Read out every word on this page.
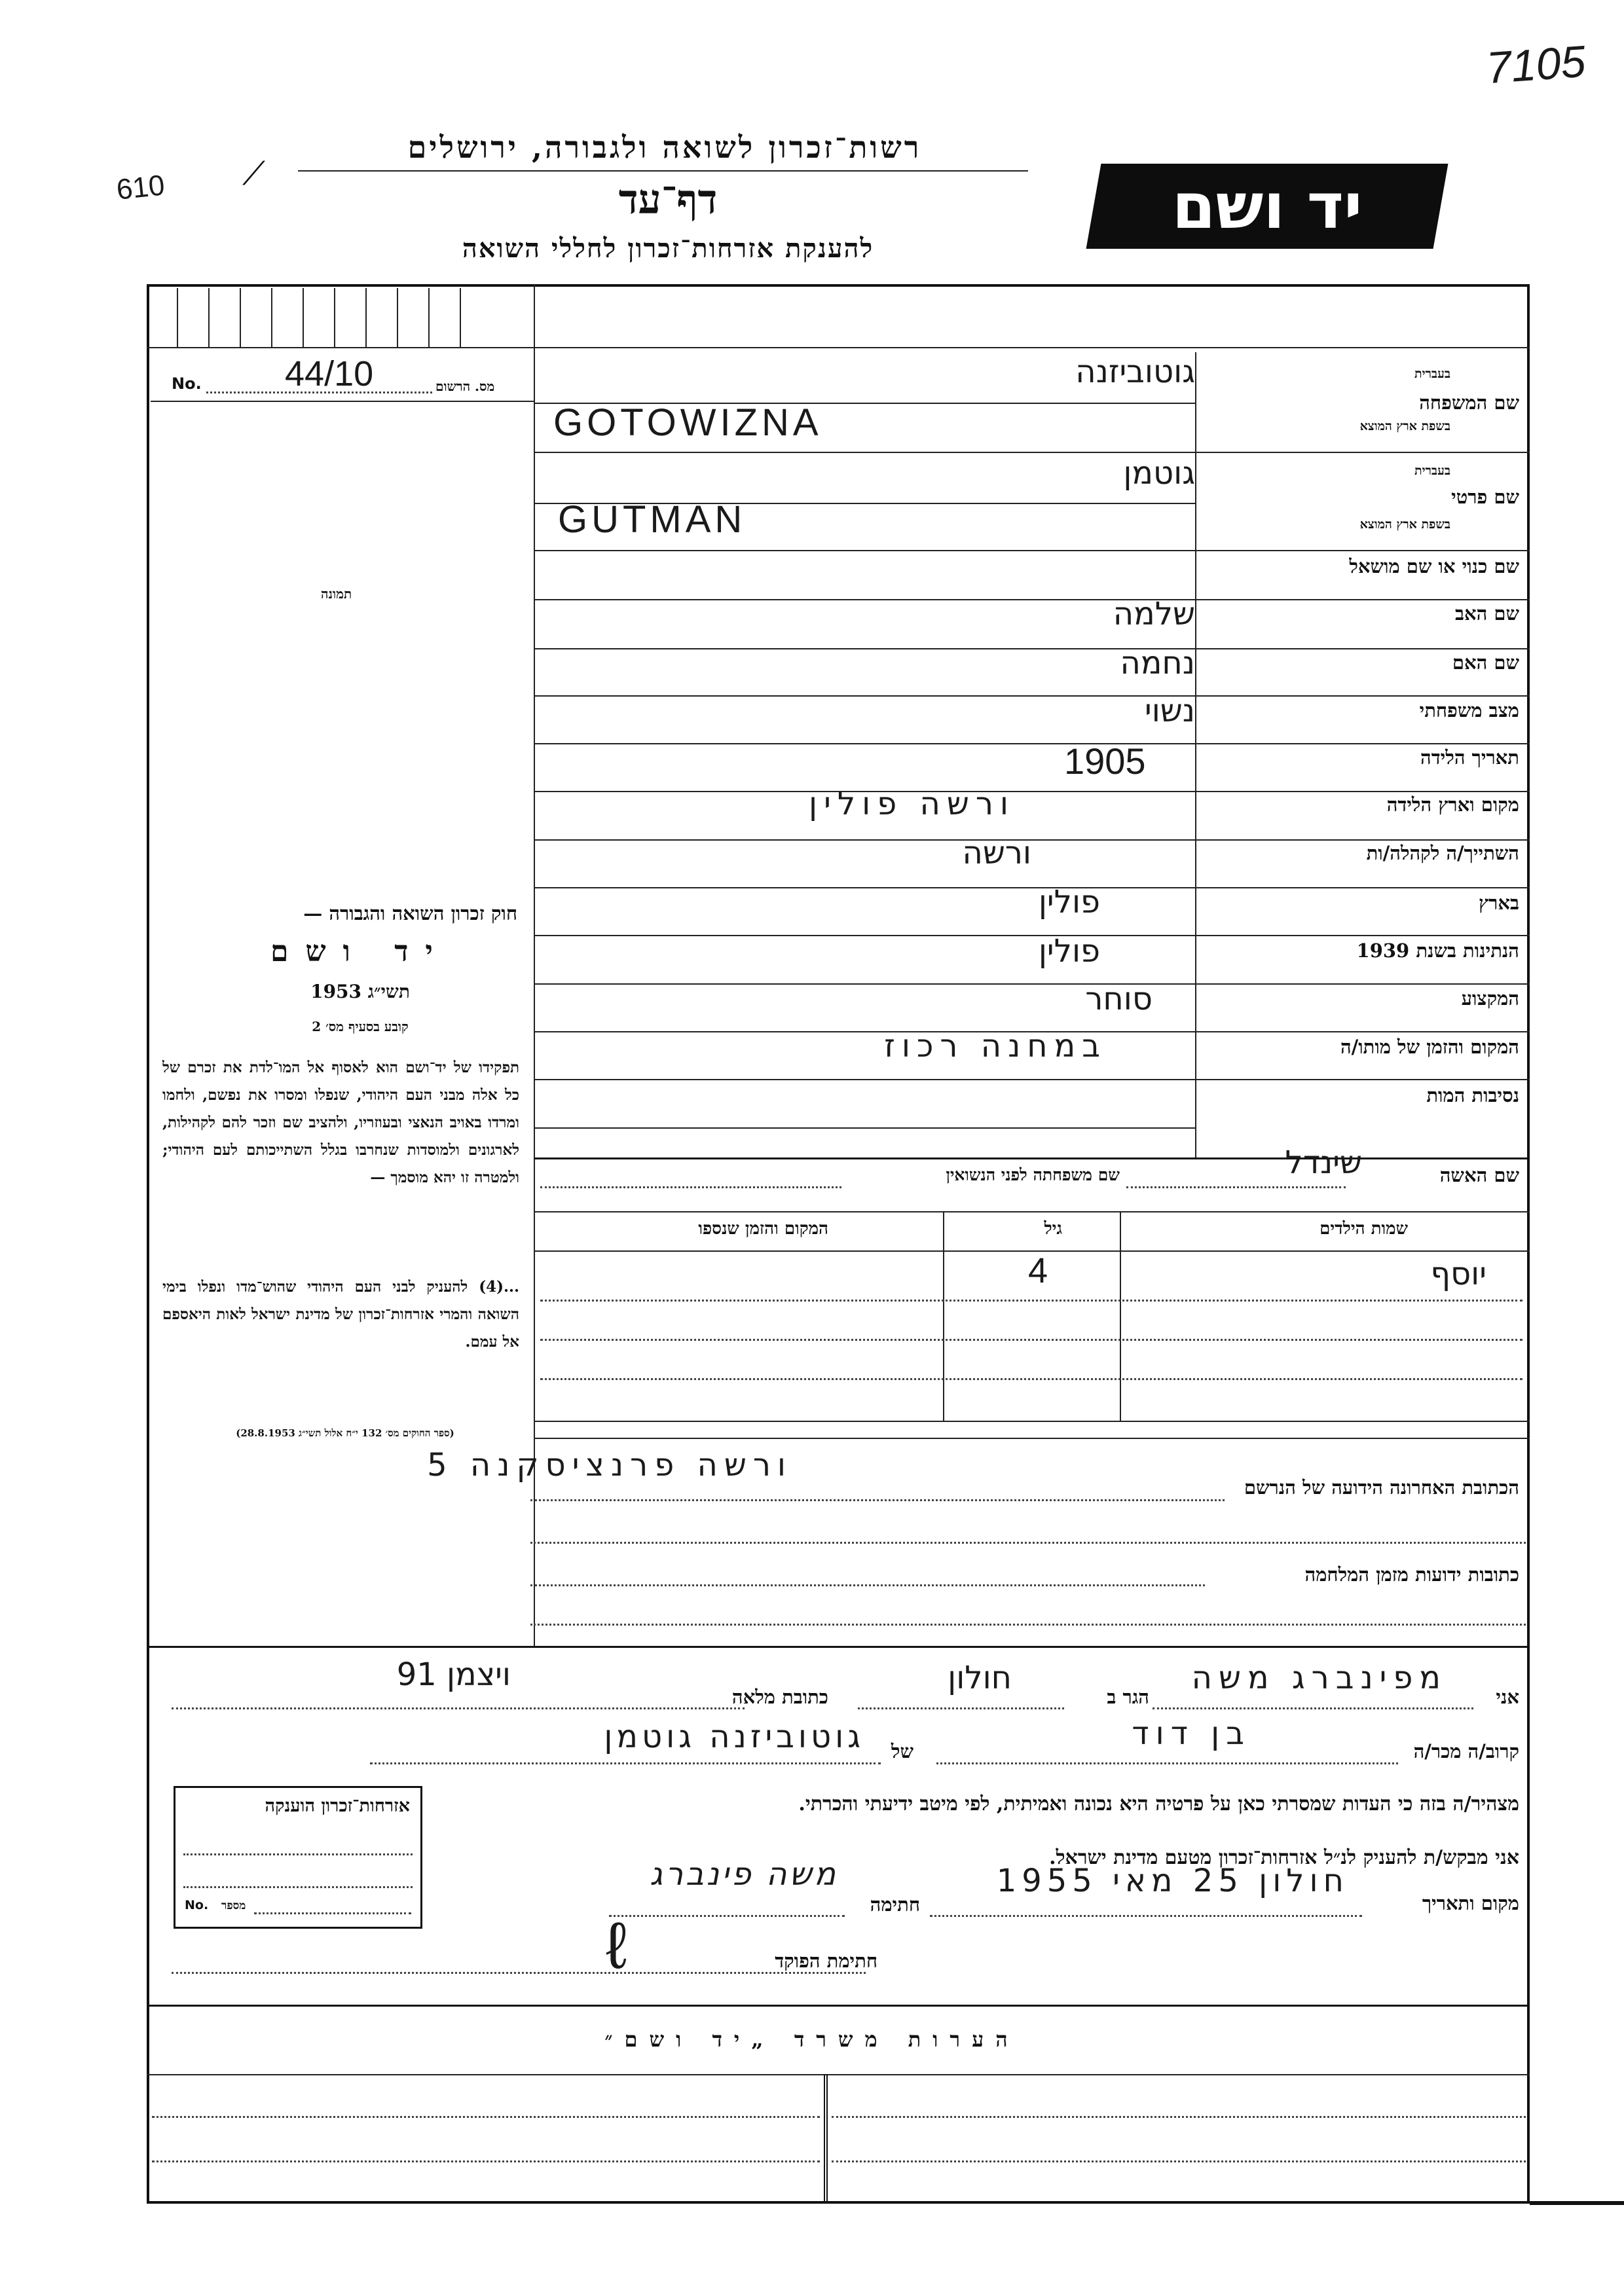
7105
610 ⟋
רשות־זכרון לשואה ולגבורה, ירושלים
דף־עד
להענקת אזרחות־זכרון לחללי השואה
יד ושם
No. 44/10	מס. הרשום
תמונה
שם המשפחה
בעברית
בשפת ארץ המוצא
גוטוביזנה
GOTOWIZNA
שם פרטי
בעברית
בשפת ארץ המוצא
גוטמן
GUTMAN
שם כנוי או שם מושאל
שם האב
שלמה
שם האם
נחמה
מצב משפחתי
נשוי
תאריך הלידה
1905
מקום וארץ הלידה
ורשה פולין
השתייך/ה לקהלה/ות
ורשה
בארץ
פולין
הנתינות בשנת 1939
פולין
המקצוע
סוחר
המקום והזמן של מותו/ה
במחנה רכוז
נסיבות המות
שם האשה
שינדל
שם משפחתה לפני הנשואין
שמות הילדים
גיל
המקום והזמן שנספו
יוסף
4
הכתובת האחרונה הידועה של הנרשם
ורשה פרנציסקנה 5
כתובות ידועות מזמן המלחמה
חוק זכרון השואה והגבורה —
יד ושם
תשי״ג 1953
קובע בסעיף מס׳ 2
תפקידו של יד־ושם הוא לאסוף אל המו־לדת את זכרם של כל אלה מבני העם היהודי, שנפלו ומסרו את נפשם, ולחמו ומרדו באויב הנאצי ובעוזריו, ולהציב שם וזכר להם לקהילות, לארגונים ולמוסדות שנחרבו בגלל השתייכותם לעם היהודי; ולמטרה זו יהא מוסמך —
...(4) להעניק לבני העם היהודי שהוש־מדו ונפלו בימי השואה והמרי אזרחות־זכרון של מדינת ישראל לאות היאספם אל עמם.
(ספר החוקים מס׳ 132 י״ח אלול תשי״ג 28.8.1953)
אני
מפינברג משה
הגר ב
חולון
כתובת מלאה
ויצמן 91
קרוב/ה מכר/ה
בן דוד
של
גוטוביזנה גוטמן
מצהיר/ה בזה כי העדות שמסרתי כאן על פרטיה היא נכונה ואמיתית, לפי מיטב ידיעתי והכרתי.
אני מבקש/ת להעניק לנ״ל אזרחות־זכרון מטעם מדינת ישראל.
מקום ותאריך
חולון 25 מאי 1955
חתימה
משה פינברג
חתימת הפוקד
ℓ
אזרחות־זכרון הוענקה
No. מספר
הערות משרד „יד ושם״
